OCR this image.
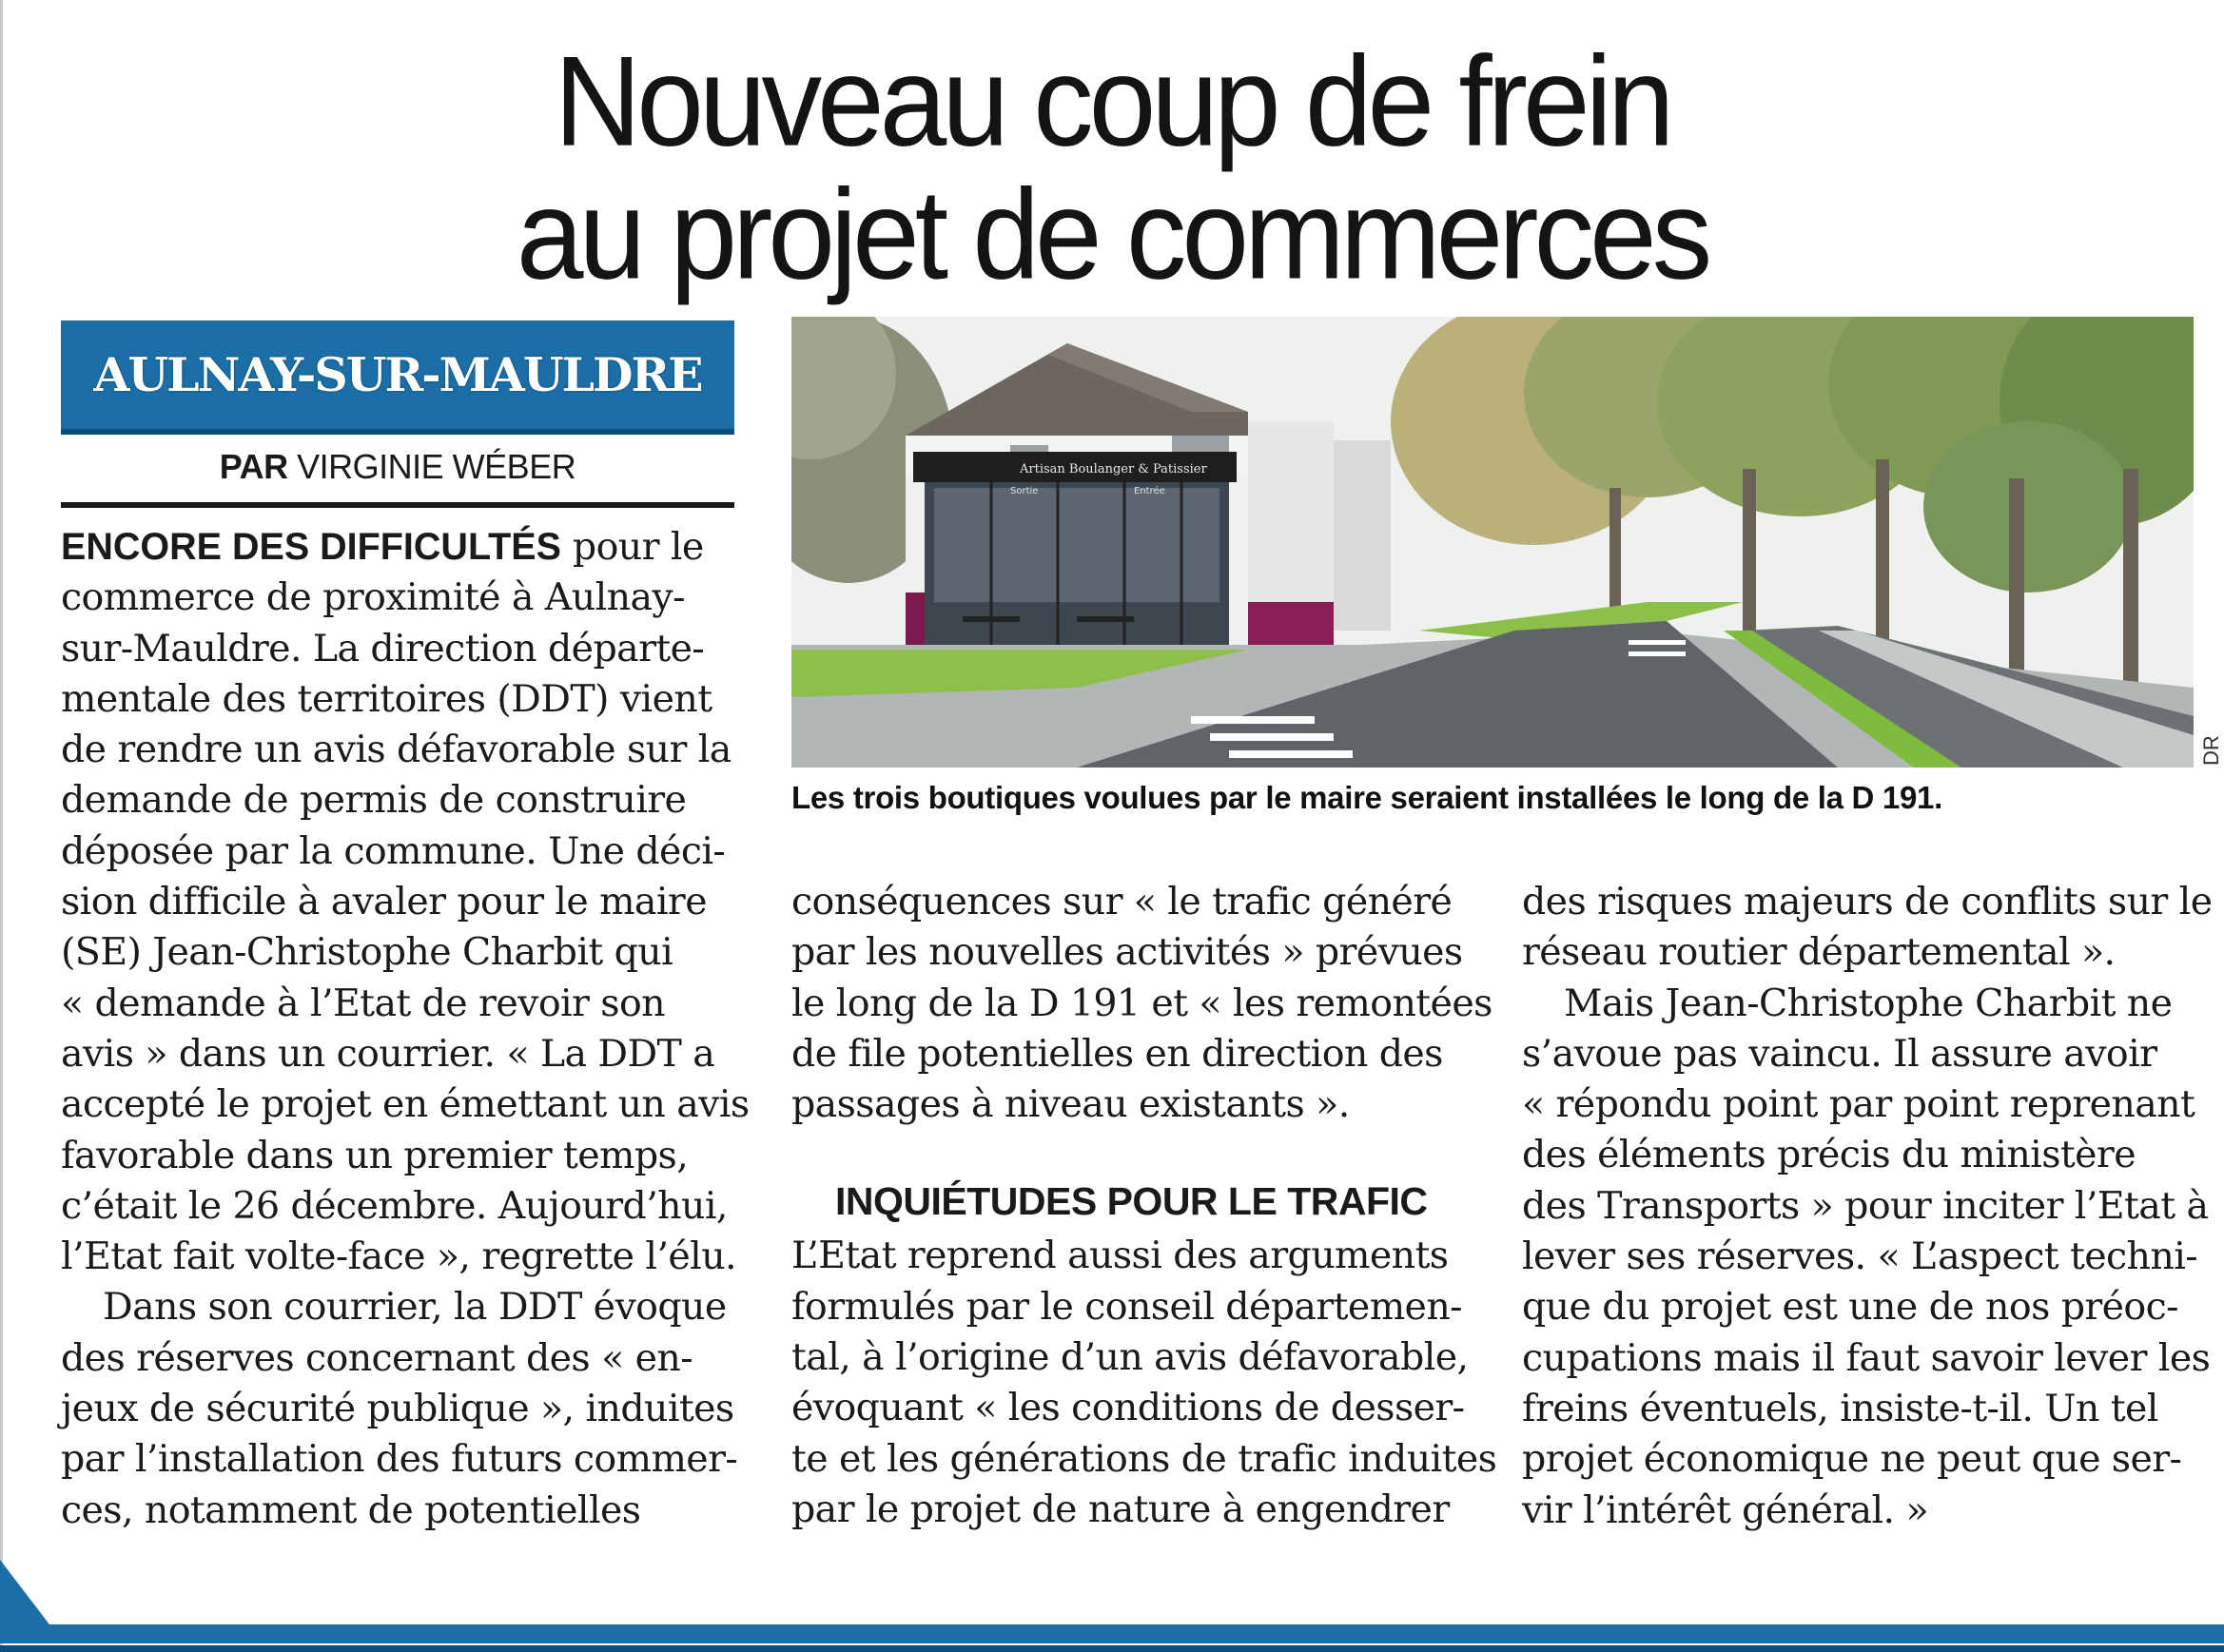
Nouveau coup de frein
au projet de commerces
AULNAY-SUR-MAULDRE
PAR VIRGINIE WÉBER
ENCORE DES DIFFICULTÉS pour le
commerce de proximité à Aulnay-
sur-Mauldre. La direction départe-
mentale des territoires (DDT) vient
de rendre un avis défavorable sur la
demande de permis de construire
déposée par la commune. Une déci-
sion difficile à avaler pour le maire
(SE) Jean-Christophe Charbit qui
« demande à l’Etat de revoir son
avis » dans un courrier. « La DDT a
accepté le projet en émettant un avis
favorable dans un premier temps,
c’était le 26 décembre. Aujourd’hui,
l’Etat fait volte-face », regrette l’élu.
Dans son courrier, la DDT évoque
des réserves concernant des « en-
jeux de sécurité publique », induites
par l’installation des futurs commer-
ces, notamment de potentielles
Artisan Boulanger & Patissier
Sortie	Entrée
DR
Les trois boutiques voulues par le maire seraient installées le long de la D 191.
conséquences sur « le trafic généré
par les nouvelles activités » prévues
le long de la D 191 et « les remontées
de file potentielles en direction des
passages à niveau existants ».
L’Etat reprend aussi des arguments
formulés par le conseil départemen-
tal, à l’origine d’un avis défavorable,
évoquant « les conditions de desser-
te et les générations de trafic induites
par le projet de nature à engendrer
INQUIÉTUDES POUR LE TRAFIC
des risques majeurs de conflits sur le
réseau routier départemental ».
Mais Jean-Christophe Charbit ne
s’avoue pas vaincu. Il assure avoir
« répondu point par point reprenant
des éléments précis du ministère
des Transports » pour inciter l’Etat à
lever ses réserves. « L’aspect techni-
que du projet est une de nos préoc-
cupations mais il faut savoir lever les
freins éventuels, insiste-t-il. Un tel
projet économique ne peut que ser-
vir l’intérêt général. »
